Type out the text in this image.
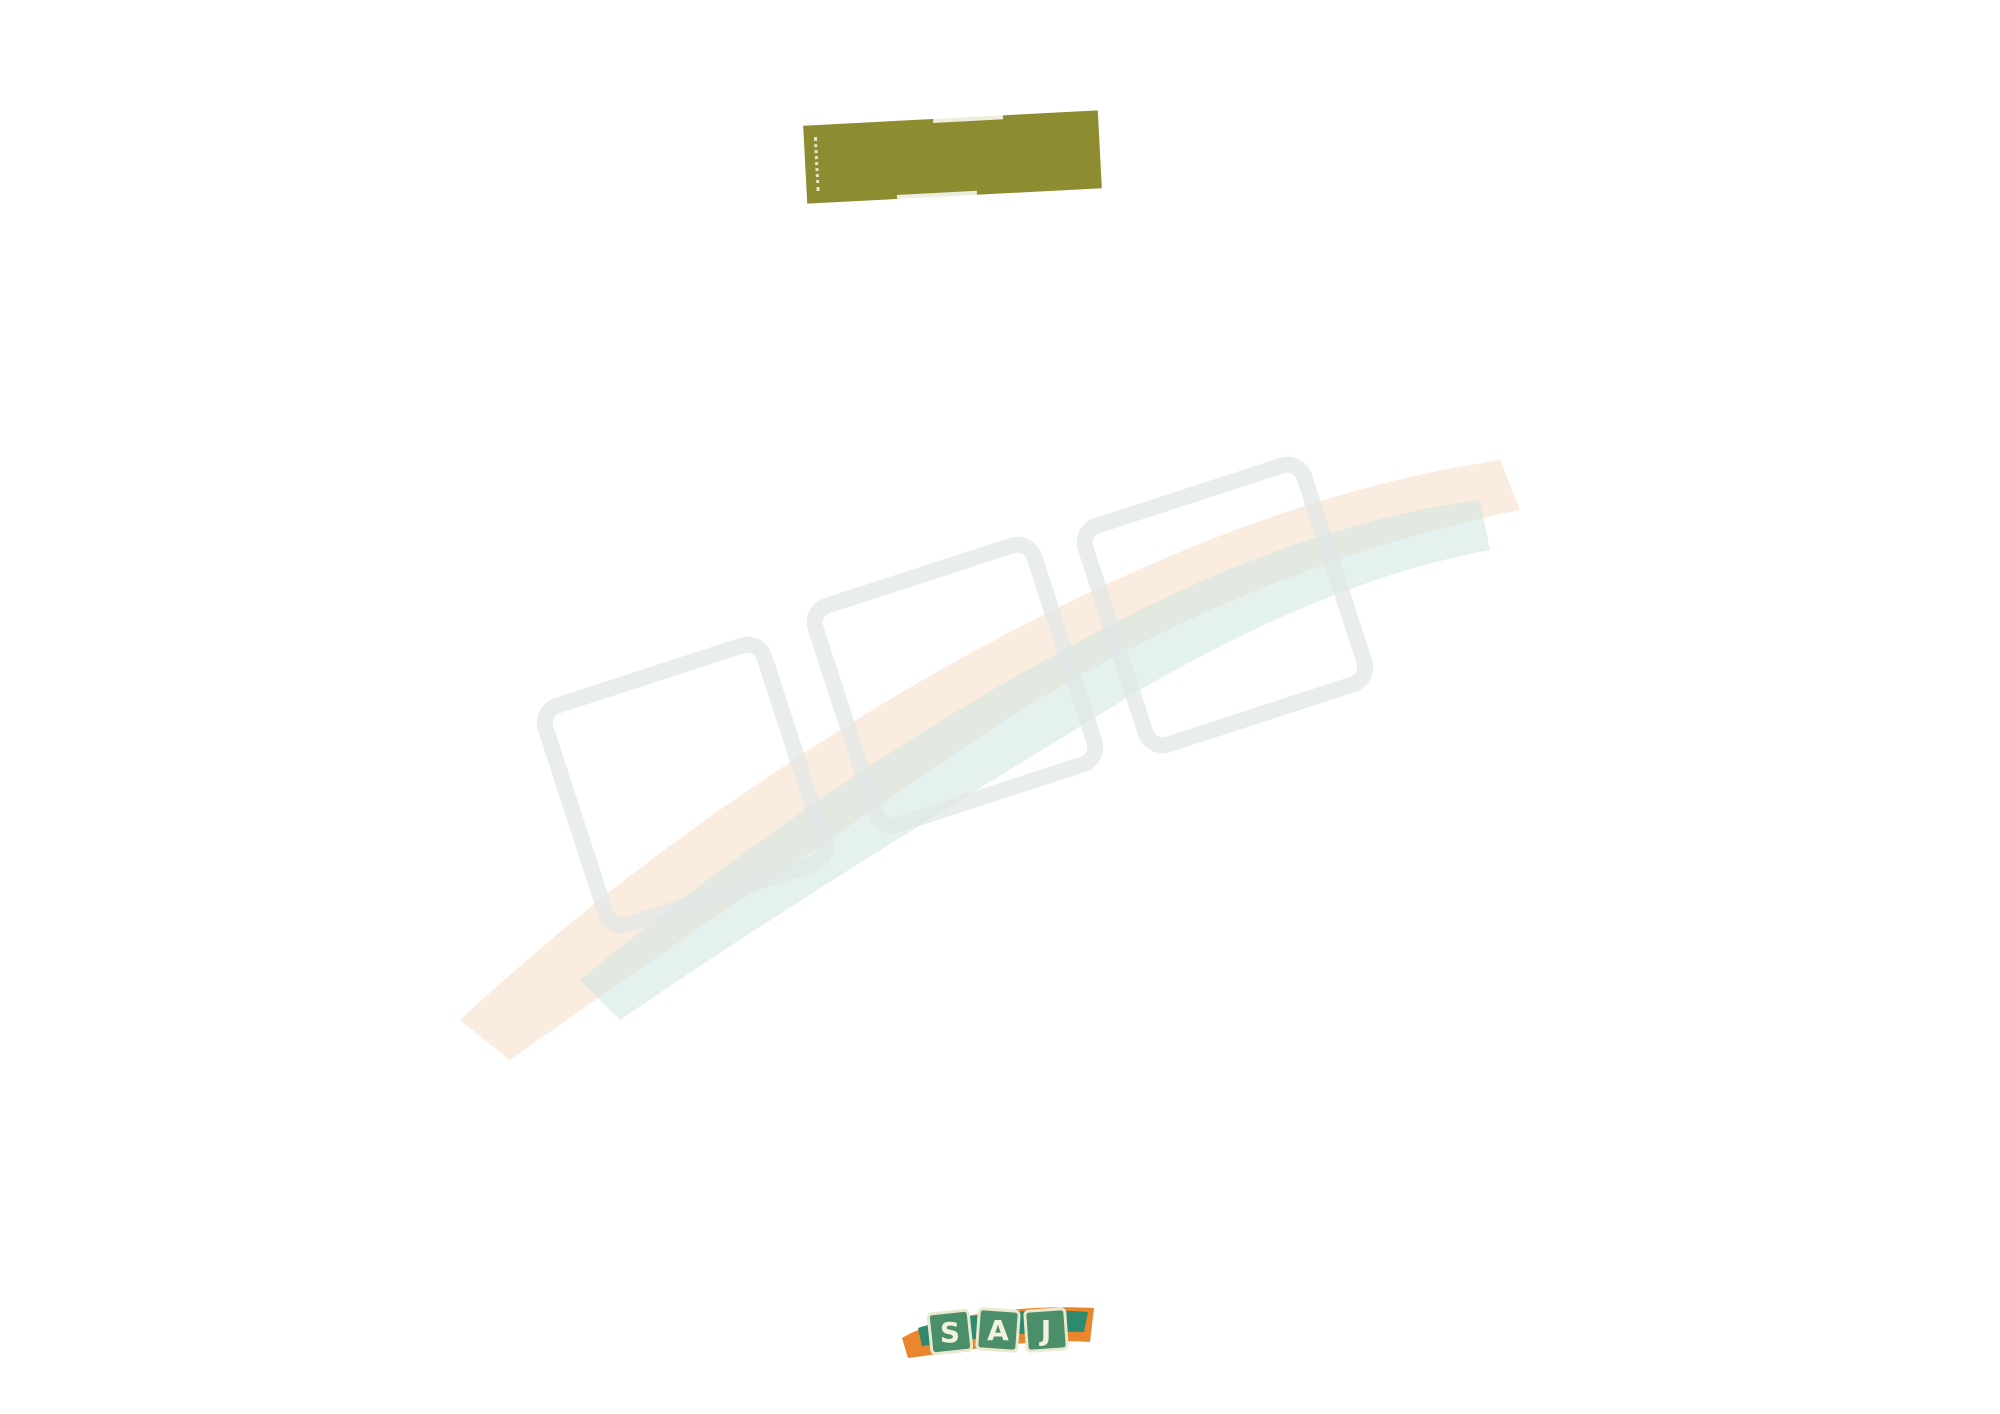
S A J
